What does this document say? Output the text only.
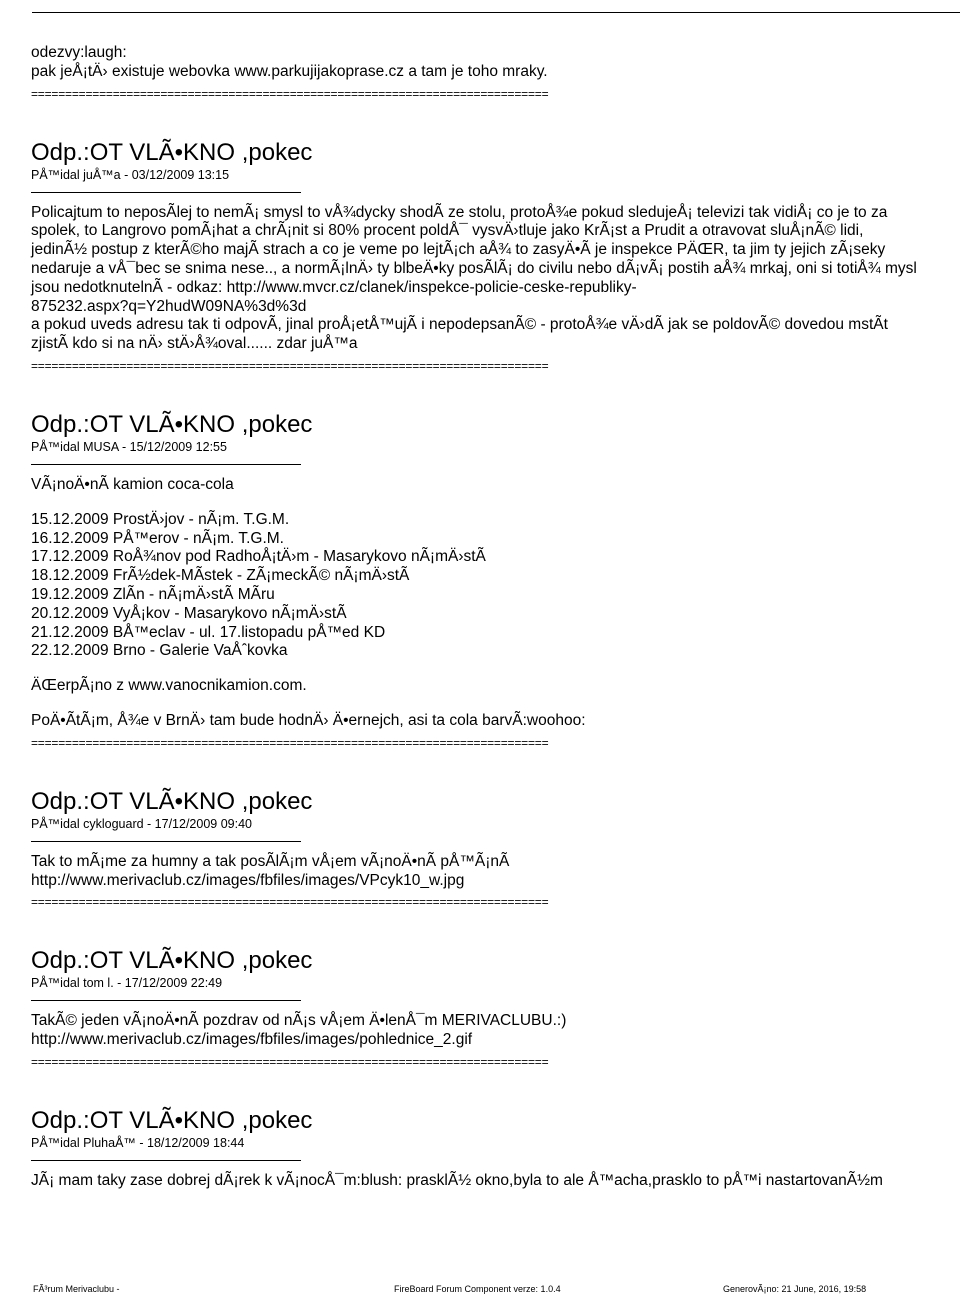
odezvy:laugh:
pak jeÅ¡tÄ› existuje webovka www.parkujijakoprase.cz a tam je toho mraky.
============================================================================
Odp.:OT VLÃ•KNO ,pokec
PÅ™idal juÅ™a - 03/12/2009 13:15
Policajtum to neposÃlej to nemÃ¡ smysl to vÅ¾dycky shodÃ ze stolu, protoÅ¾e pokud sledujeÅ¡ televizi tak vidiÅ¡ co je to za
spolek, to Langrovo pomÃ¡hat a chrÃ¡nit si 80% procent poldÅ¯ vysvÄ›tluje jako KrÃ¡st a Prudit a otravovat sluÅ¡nÃ© lidi,
jedinÃ½ postup z kterÃ©ho majÃ strach a co je veme po lejtÃ¡ch aÅ¾ to zasyÄ•Ã je inspekce PÄŒR, ta jim ty jejich zÃ¡seky
nedaruje a vÅ¯bec se snima nese.., a normÃ¡lnÄ› ty blbeÄ•ky posÃlÃ¡ do civilu nebo dÃ¡vÃ¡ postih aÅ¾ mrkaj, oni si totiÅ¾ mysl
jsou nedotknutelnÃ - odkaz: http://www.mvcr.cz/clanek/inspekce-policie-ceske-republiky-
875232.aspx?q=Y2hudW09NA%3d%3d
a pokud uveds adresu tak ti odpovÃ, jinal proÅ¡etÅ™ujÃ i nepodepsanÃ© - protoÅ¾e vÄ›dÃ jak se poldovÃ© dovedou mstÃt
zjistÃ kdo si na nÄ› stÄ›Å¾oval...... zdar juÅ™a
============================================================================
Odp.:OT VLÃ•KNO ,pokec
PÅ™idal MUSA - 15/12/2009 12:55
VÃ¡noÄ•nÃ kamion coca-cola
15.12.2009 ProstÄ›jov - nÃ¡m. T.G.M.
16.12.2009 PÅ™erov - nÃ¡m. T.G.M.
17.12.2009 RoÅ¾nov pod RadhoÅ¡tÄ›m - Masarykovo nÃ¡mÄ›stÃ
18.12.2009 FrÃ½dek-MÃstek - ZÃ¡meckÃ© nÃ¡mÄ›stÃ
19.12.2009 ZlÃn - nÃ¡mÄ›stÃ MÃru
20.12.2009 VyÅ¡kov - Masarykovo nÃ¡mÄ›stÃ
21.12.2009 BÅ™eclav - ul. 17.listopadu pÅ™ed KD
22.12.2009 Brno - Galerie VaÅˆkovka
ÄŒerpÃ¡no z www.vanocnikamion.com.
PoÄ•ÃtÃ¡m, Å¾e v BrnÄ› tam bude hodnÄ› Ä•ernejch, asi ta cola barvÃ:woohoo:
============================================================================
Odp.:OT VLÃ•KNO ,pokec
PÅ™idal cykloguard - 17/12/2009 09:40
Tak to mÃ¡me za humny a tak posÃlÃ¡m vÅ¡em vÃ¡noÄ•nÃ pÅ™Ã¡nÃ
http://www.merivaclub.cz/images/fbfiles/images/VPcyk10_w.jpg
============================================================================
Odp.:OT VLÃ•KNO ,pokec
PÅ™idal tom l. - 17/12/2009 22:49
TakÃ© jeden vÃ¡noÄ•nÃ pozdrav od nÃ¡s vÅ¡em Ä•lenÅ¯m MERIVACLUBU.:)
http://www.merivaclub.cz/images/fbfiles/images/pohlednice_2.gif
============================================================================
Odp.:OT VLÃ•KNO ,pokec
PÅ™idal PluhaÅ™ - 18/12/2009 18:44
JÃ¡ mam taky zase dobrej dÃ¡rek k vÃ¡nocÅ¯m:blush: prasklÃ½ okno,byla to ale Å™acha,prasklo to pÅ™i nastartovanÃ½m
FÃ³rum Merivaclubu -	FireBoard Forum Component verze: 1.0.4	GenerovÃ¡no: 21 June, 2016, 19:58
